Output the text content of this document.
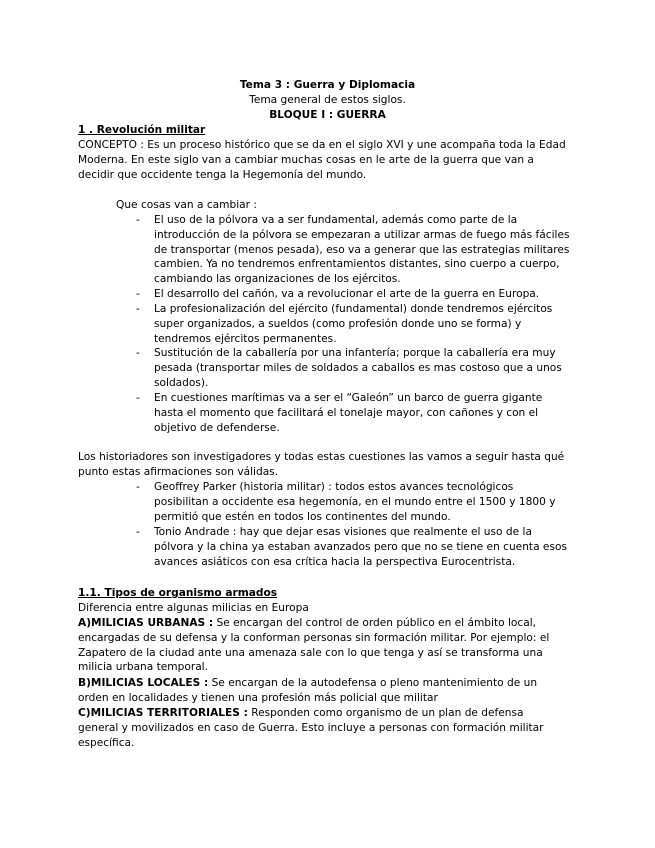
Tema 3 : Guerra y Diplomacia
Tema general de estos siglos.
BLOQUE I : GUERRA
1 . Revolución militar
CONCEPTO : Es un proceso histórico que se da en el siglo XVI y une acompaña toda la Edad
Moderna. En este siglo van a cambiar muchas cosas en le arte de la guerra que van a
decidir que occidente tenga la Hegemonía del mundo.
Que cosas van a cambiar :
-	El uso de la pólvora va a ser fundamental, además como parte de la
introducción de la pólvora se empezaran a utilizar armas de fuego más fáciles
de transportar (menos pesada), eso va a generar que las estrategias militares
cambien. Ya no tendremos enfrentamientos distantes, sino cuerpo a cuerpo,
cambiando las organizaciones de los ejércitos.
-	El desarrollo del cañón, va a revolucionar el arte de la guerra en Europa.
-	La profesionalización del ejército (fundamental) donde tendremos ejércitos
super organizados, a sueldos (como profesión donde uno se forma) y
tendremos ejércitos permanentes.
-	Sustitución de la caballería por una infantería; porque la caballería era muy
pesada (transportar miles de soldados a caballos es mas costoso que a unos
soldados).
-	En cuestiones marítimas va a ser el “Galeón” un barco de guerra gigante
hasta el momento que facilitará el tonelaje mayor, con cañones y con el
objetivo de defenderse.
Los historiadores son investigadores y todas estas cuestiones las vamos a seguir hasta qué
punto estas afirmaciones son válidas.
-	Geoffrey Parker (historia militar) : todos estos avances tecnológicos
posibilitan a occidente esa hegemonía, en el mundo entre el 1500 y 1800 y
permitió que estén en todos los continentes del mundo.
-	Tonio Andrade : hay que dejar esas visiones que realmente el uso de la
pólvora y la china ya estaban avanzados pero que no se tiene en cuenta esos
avances asiáticos con esa crítica hacia la perspectiva Eurocentrista.
1.1. Tipos de organismo armados
Diferencia entre algunas milicias en Europa
A)MILICIAS URBANAS : Se encargan del control de orden público en el ámbito local,
encargadas de su defensa y la conforman personas sin formación militar. Por ejemplo: el
Zapatero de la ciudad ante una amenaza sale con lo que tenga y así se transforma una
milicia urbana temporal.
B)MILICIAS LOCALES : Se encargan de la autodefensa o pleno mantenimiento de un
orden en localidades y tienen una profesión más policial que militar
C)MILICIAS TERRITORIALES : Responden como organismo de un plan de defensa
general y movilizados en caso de Guerra. Esto incluye a personas con formación militar
específica.
